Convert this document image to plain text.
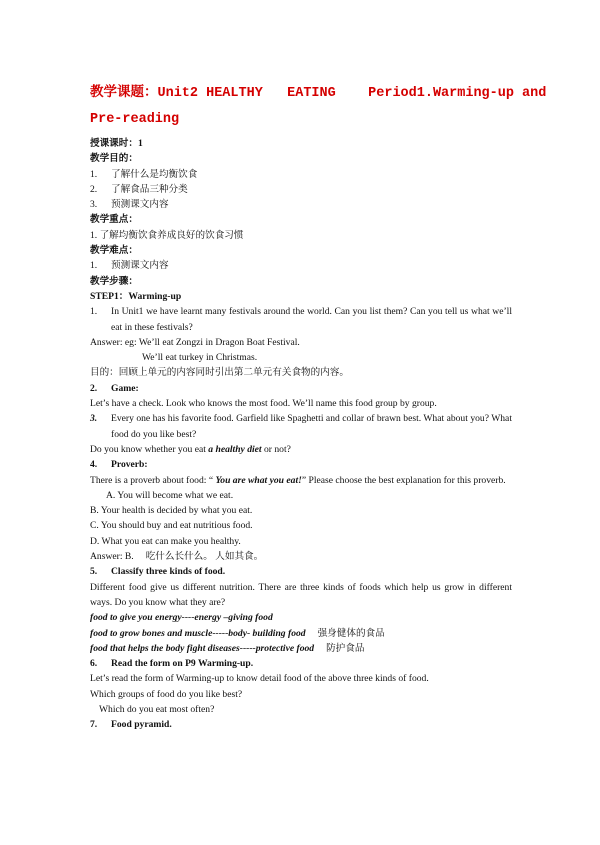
教学课题：Unit2 HEALTHY   EATING    Period1.Warming-up and
Pre-reading
授课课时：1
教学目的：
1. 了解什么是均衡饮食
2. 了解食品三种分类
3. 预测课文内容
教学重点：
1. 了解均衡饮食养成良好的饮食习惯
教学难点：
1. 预测课文内容
教学步骤：
STEP1：Warming-up
1.	In Unit1 we have learnt many festivals around the world. Can you list them? Can you tell us what we’ll eat in these festivals?
Answer: eg: We’ll eat Zongzi in Dragon Boat Festival.
We’ll eat turkey in Christmas.
目的：回顾上单元的内容同时引出第二单元有关食物的内容。
2. Game:
Let’s have a check. Look who knows the most food. We’ll name this food group by group.
3.	Every one has his favorite food. Garfield like Spaghetti and collar of brawn best. What about you? What food do you like best?
Do you know whether you eat a healthy diet or not?
4. Proverb:
There is a proverb about food: “ You are what you eat!” Please choose the best explanation for this proverb.
A. You will become what we eat.
B. Your health is decided by what you eat.
C. You should buy and eat nutritious food.
D. What you eat can make you healthy.
Answer: B. 吃什么长什么。 人如其食。
5. Classify three kinds of food.
Different food give us different nutrition. There are three kinds of foods which help us grow in different ways. Do you know what they are?
food to give you energy----energy –giving food
food to grow bones and muscle-----body- building food 强身健体的食品
food that helps the body fight diseases-----protective food 防护食品
6. Read the form on P9 Warming-up.
Let’s read the form of Warming-up to know detail food of the above three kinds of food.
Which groups of food do you like best?
Which do you eat most often?
7. Food pyramid.
